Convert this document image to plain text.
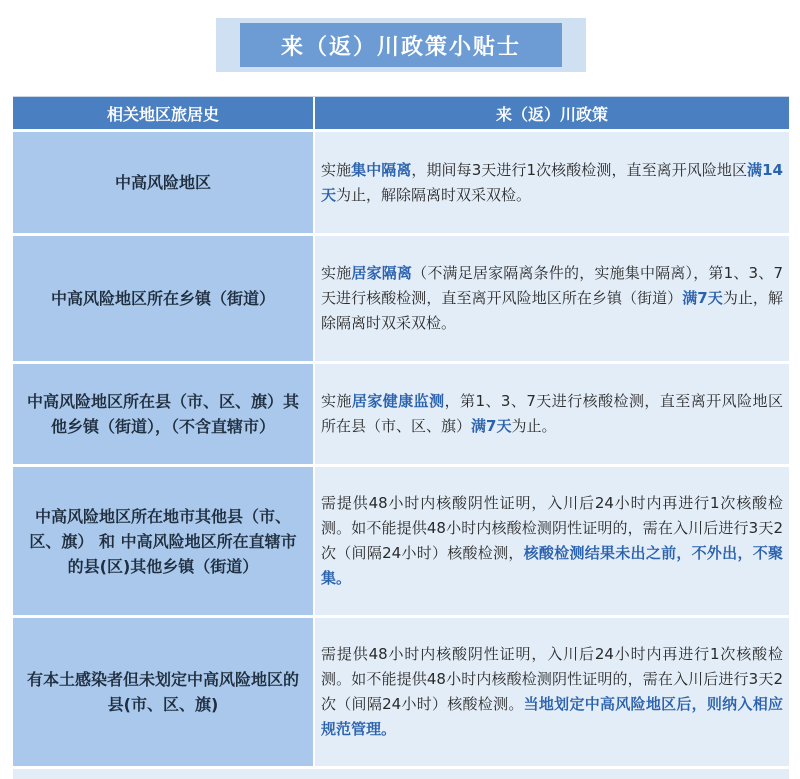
来（返）川政策小贴士
相关地区旅居史	来（返）川政策
中高风险地区

实施集中隔离，期间每3天进行1次核酸检测，直至离开风险地区满14天为止，解除隔离时双采双检。

中高风险地区所在乡镇（街道）

实施居家隔离（不满足居家隔离条件的，实施集中隔离），第1、3、7天进行核酸检测，直至离开风险地区所在乡镇（街道）满7天为止，解除隔离时双采双检。

中高风险地区所在县（市、区、旗）其他乡镇（街道），（不含直辖市）

实施居家健康监测，第1、3、7天进行核酸检测，直至离开风险地区所在县（市、区、旗）满7天为止。

中高风险地区所在地市其他县（市、区、旗） 和 中高风险地区所在直辖市的县(区)其他乡镇（街道）

需提供48小时内核酸阴性证明，入川后24小时内再进行1次核酸检测。如不能提供48小时内核酸检测阴性证明的，需在入川后进行3天2次（间隔24小时）核酸检测，核酸检测结果未出之前，不外出，不聚集。

有本土感染者但未划定中高风险地区的县(市、区、旗)

需提供48小时内核酸阴性证明，入川后24小时内再进行1次核酸检测。如不能提供48小时内核酸检测阴性证明的，需在入川后进行3天2次（间隔24小时）核酸检测。当地划定中高风险地区后，则纳入相应规范管理。
